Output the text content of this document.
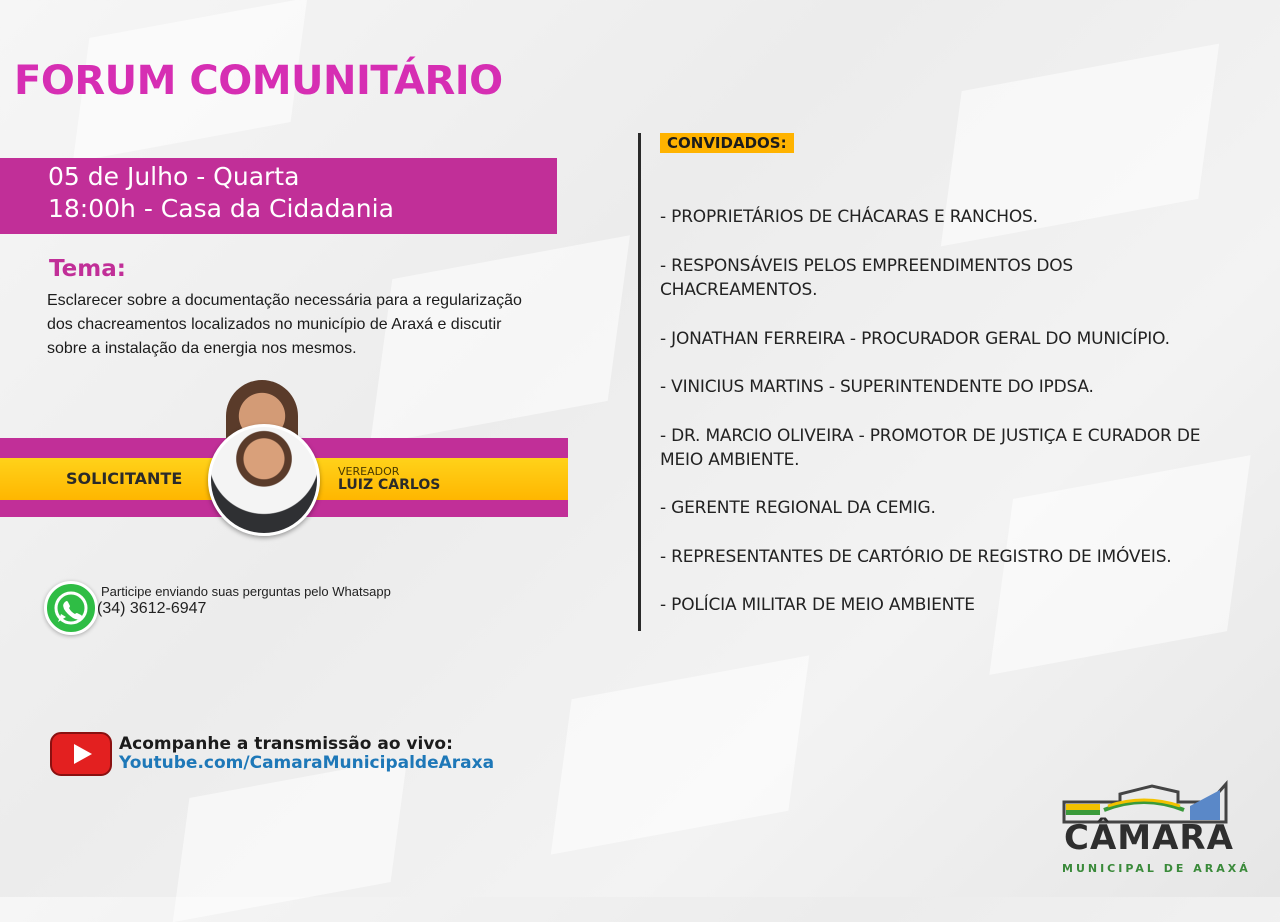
FORUM COMUNITÁRIO
05 de Julho - Quarta
18:00h - Casa da Cidadania
Tema:
Esclarecer sobre a documentação necessária para a regularização
dos chacreamentos localizados no município de Araxá e discutir
sobre a instalação da energia nos mesmos.
SOLICITANTE	VEREADOR
LUIZ CARLOS
Participe enviando suas perguntas pelo Whatsapp
(34) 3612-6947
Acompanhe a transmissão ao vivo:
Youtube.com/CamaraMunicipaldeAraxa
CONVIDADOS:
- PROPRIETÁRIOS DE CHÁCARAS E RANCHOS.
- RESPONSÁVEIS PELOS EMPREENDIMENTOS DOS CHACREAMENTOS.
- JONATHAN FERREIRA - PROCURADOR GERAL DO MUNICÍPIO.
- VINICIUS MARTINS - SUPERINTENDENTE DO IPDSA.
- DR. MARCIO OLIVEIRA - PROMOTOR DE JUSTIÇA E CURADOR DE MEIO AMBIENTE.
- GERENTE REGIONAL DA CEMIG.
- REPRESENTANTES DE CARTÓRIO DE REGISTRO DE IMÓVEIS.
- POLÍCIA MILITAR DE MEIO AMBIENTE
CÂMARA
MUNICIPAL DE ARAXÁ
